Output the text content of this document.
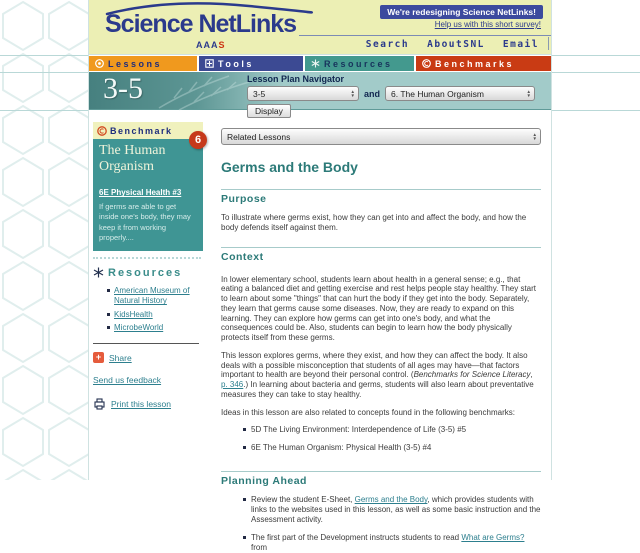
Science NetLinks
AAAS
We're redesigning Science NetLinks!
Help us with this short survey!
Search AboutSNL Email
Lessons	Tools	Resources	Benchmarks
3-5	Lesson Plan Navigator
3-5	▲
▼ and 6. The Human Organism	▲
▼
Display
Benchmark
6
The Human Organism
6E Physical Health #3
If germs are able to get inside one's body, they may keep it from working properly....
Resources
American Museum of Natural History
KidsHealth
MicrobeWorld
+ Share
Send us feedback
Print this lesson
Related Lessons	▲
▼
Germs and the Body
Purpose

To illustrate where germs exist, how they can get into and affect the body, and how the body defends itself against them.

Context

In lower elementary school, students learn about health in a general sense; e.g., that eating a balanced diet and getting exercise and rest helps people stay healthy. They start to learn about some "things" that can hurt the body if they get into the body. Separately, they learn that germs cause some diseases. Now, they are ready to expand on this learning. They can explore how germs can get into one's body, and what the consequences could be. Also, students can begin to learn how the body physically protects itself from these germs.

This lesson explores germs, where they exist, and how they can affect the body. It also deals with a possible misconception that students of all ages may have—that factors important to health are beyond their personal control. (Benchmarks for Science Literacy, p. 346.) In learning about bacteria and germs, students will also learn about preventative measures they can take to stay healthy.

Ideas in this lesson are also related to concepts found in the following benchmarks:

5D The Living Environment: Interdependence of Life (3-5) #5
6E The Human Organism: Physical Health (3-5) #4
Planning Ahead
Review the student E-Sheet, Germs and the Body, which provides students with links to the websites used in this lesson, as well as some basic instruction and the Assessment activity.
The first part of the Development instructs students to read What are Germs? from
